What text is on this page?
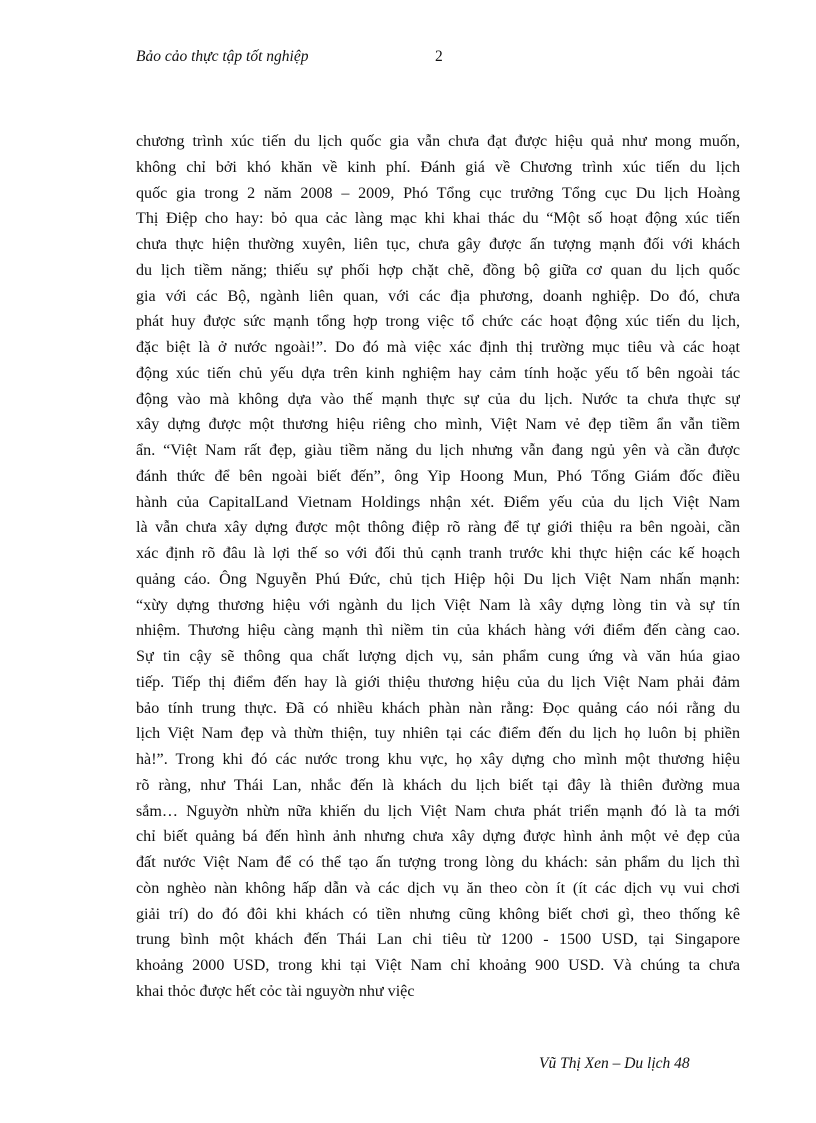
Bảo cảo thực tập tốt nghiệp	2
chương trình xúc tiến du lịch quốc gia vẫn chưa đạt được hiệu quả như mong muốn,
không chỉ bởi khó khăn về kinh phí. Đánh giá về Chương trình xúc tiến du lịch
quốc gia trong 2 năm 2008 – 2009, Phó Tổng cục trưởng Tổng cục Du lịch Hoàng
Thị Điệp cho hay: bỏ qua cảc làng mạc khi khai thác du “Một số hoạt động xúc tiến
chưa thực hiện thường xuyên, liên tục, chưa gây được ấn tượng mạnh đối với khách
du lịch tiềm năng; thiếu sự phối hợp chặt chẽ, đồng bộ giữa cơ quan du lịch quốc
gia với các Bộ, ngành liên quan, với các địa phương, doanh nghiệp. Do đó, chưa
phát huy được sức mạnh tổng hợp trong việc tổ chức các hoạt động xúc tiến du lịch,
đặc biệt là ở nước ngoài!”. Do đó mà việc xác định thị trường mục tiêu và các hoạt
động xúc tiến chủ yếu dựa trên kinh nghiệm hay cảm tính hoặc yếu tố bên ngoài tác
động vào mà không dựa vào thế mạnh thực sự của du lịch. Nước ta chưa thực sự
xây dựng được một thương hiệu riêng cho mình, Việt Nam vẻ đẹp tiềm ẩn vẫn tiềm
ẩn. “Việt Nam rất đẹp, giàu tiềm năng du lịch nhưng vẫn đang ngủ yên và cần được
đánh thức để bên ngoài biết đến”, ông Yip Hoong Mun, Phó Tổng Giám đốc điều
hành của CapitalLand Vietnam Holdings nhận xét. Điểm yếu của du lịch Việt Nam
là vẫn chưa xây dựng được một thông điệp rõ ràng để tự giới thiệu ra bên ngoài, cần
xác định rõ đâu là lợi thế so với đối thủ cạnh tranh trước khi thực hiện các kế hoạch
quảng cáo. Ông Nguyễn Phú Đức, chủ tịch Hiệp hội Du lịch Việt Nam nhấn mạnh:
“xừy dựng thương hiệu với ngành du lịch Việt Nam là xây dựng lòng tin và sự tín
nhiệm. Thương hiệu càng mạnh thì niềm tin của khách hàng với điểm đến càng cao.
Sự tin cậy sẽ thông qua chất lượng dịch vụ, sản phẩm cung ứng và văn húa giao
tiếp. Tiếp thị điểm đến hay là giới thiệu thương hiệu của du lịch Việt Nam phải đảm
bảo tính trung thực. Đã có nhiều khách phàn nàn rằng: Đọc quảng cáo nói rằng du
lịch Việt Nam đẹp và thừn thiện, tuy nhiên tại các điểm đến du lịch họ luôn bị phiền
hà!”. Trong khi đó các nước trong khu vực, họ xây dựng cho mình một thương hiệu
rõ ràng, như Thái Lan, nhắc đến là khách du lịch biết tại đây là thiên đường mua
sắm… Nguyờn nhừn nữa khiến du lịch Việt Nam chưa phát triển mạnh đó là ta mới
chỉ biết quảng bá đến hình ảnh nhưng chưa xây dựng được hình ảnh một vẻ đẹp của
đất nước Việt Nam để có thể tạo ấn tượng trong lòng du khách: sản phẩm du lịch thì
còn nghèo nàn không hấp dẫn và các dịch vụ ăn theo còn ít (ít các dịch vụ vui chơi
giải trí) do đó đôi khi khách có tiền nhưng cũng không biết chơi gì, theo thống kê
trung bình một khách đến Thái Lan chi tiêu từ 1200 - 1500 USD, tại Singapore
khoảng 2000 USD, trong khi tại Việt Nam chỉ khoảng 900 USD. Và chúng ta chưa
khai thỏc được hết cỏc tài nguyờn như việc
Vũ Thị Xen – Du lịch 48
